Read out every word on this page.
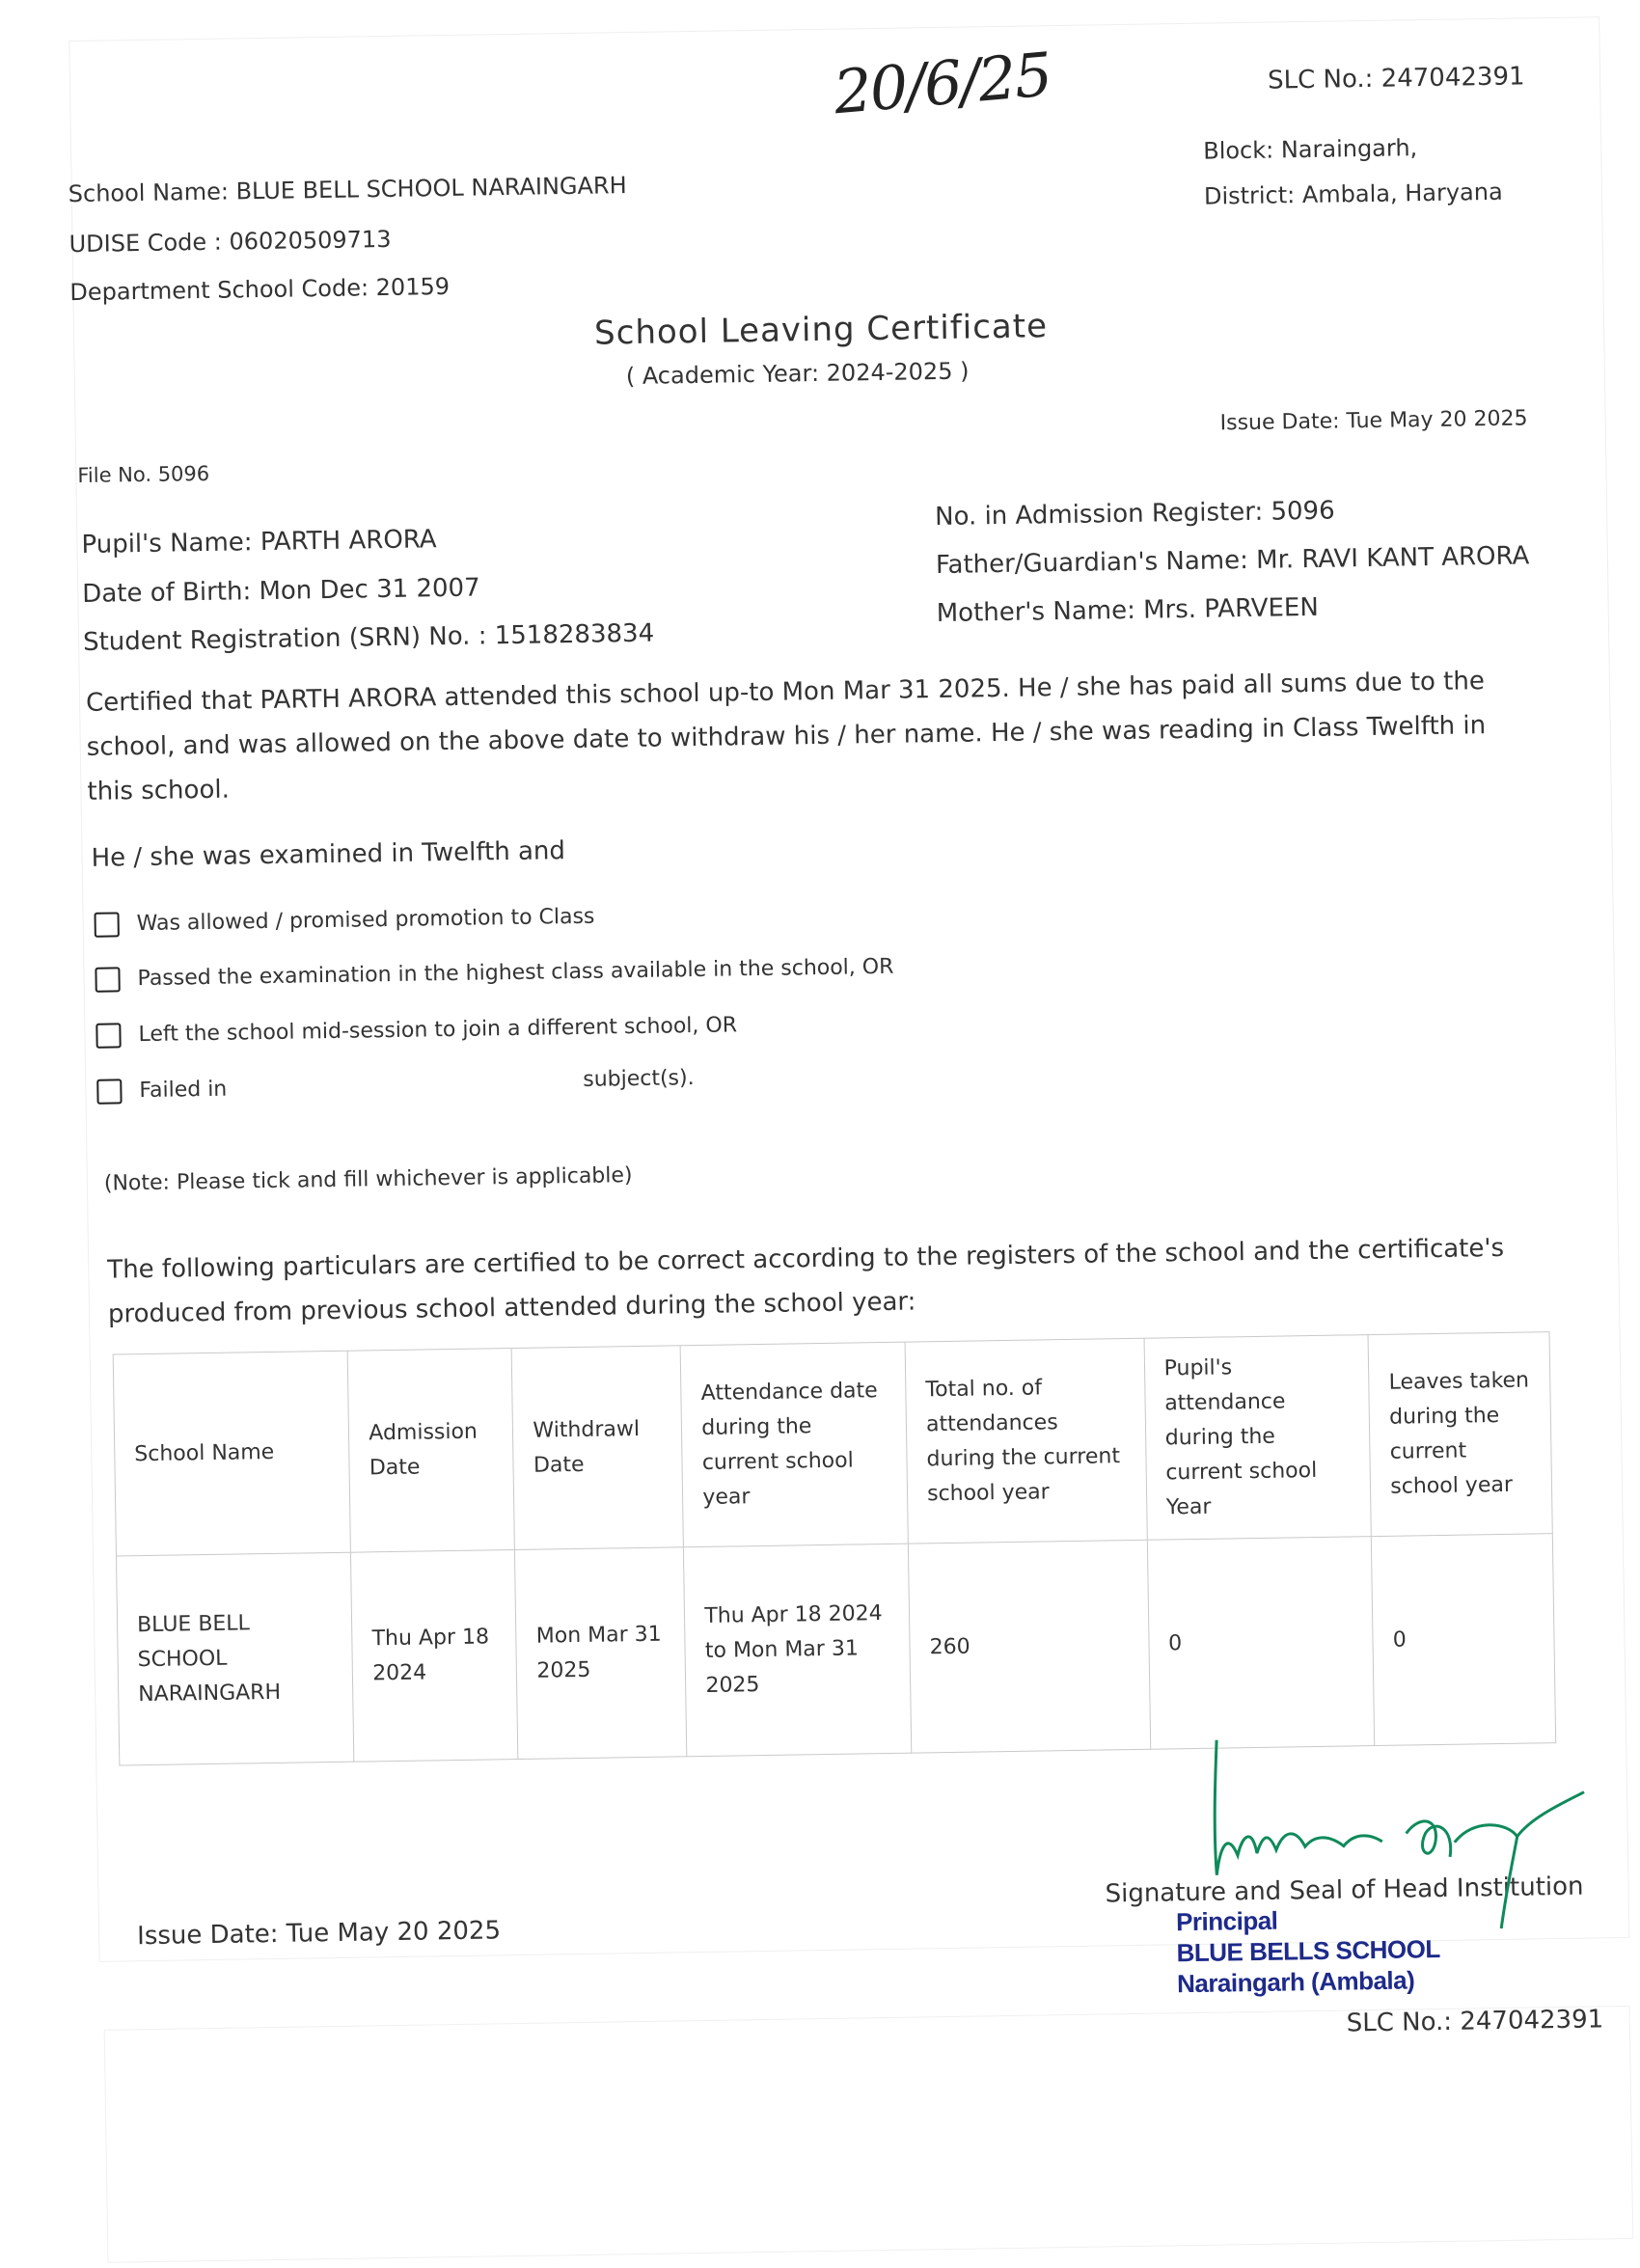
20/6/25	SLC No.: 247042391
Block: Naraingarh,
District: Ambala, Haryana
School Name: BLUE BELL SCHOOL NARAINGARH
UDISE Code : 06020509713
Department School Code: 20159
School Leaving Certificate
( Academic Year: 2024-2025 )
Issue Date: Tue May 20 2025
File No. 5096
Pupil's Name: PARTH ARORA
Date of Birth: Mon Dec 31 2007
Student Registration (SRN) No. : 1518283834
No. in Admission Register: 5096
Father/Guardian's Name: Mr. RAVI KANT ARORA
Mother's Name: Mrs. PARVEEN
Certified that PARTH ARORA attended this school up-to Mon Mar 31 2025. He / she has paid all sums due to the school, and was allowed on the above date to withdraw his / her name. He / she was reading in Class Twelfth in this school.
He / she was examined in Twelfth and
Was allowed / promised promotion to Class
Passed the examination in the highest class available in the school, OR
Left the school mid-session to join a different school, OR
Failed in	subject(s).
(Note: Please tick and fill whichever is applicable)
The following particulars are certified to be correct according to the registers of the school and the certificate's produced from previous school attended during the school year:
School Name	Admission Date	Withdrawl Date	Attendance date during the current school year	Total no. of attendances during the current school year	Pupil's attendance during the current school Year	Leaves taken during the current school year
BLUE BELL SCHOOL NARAINGARH	Thu Apr 18 2024	Mon Mar 31 2025	Thu Apr 18 2024 to Mon Mar 31 2025	260	0	0
Issue Date: Tue May 20 2025
Signature and Seal of Head Institution
Principal
BLUE BELLS SCHOOL
Naraingarh (Ambala)
SLC No.: 247042391
